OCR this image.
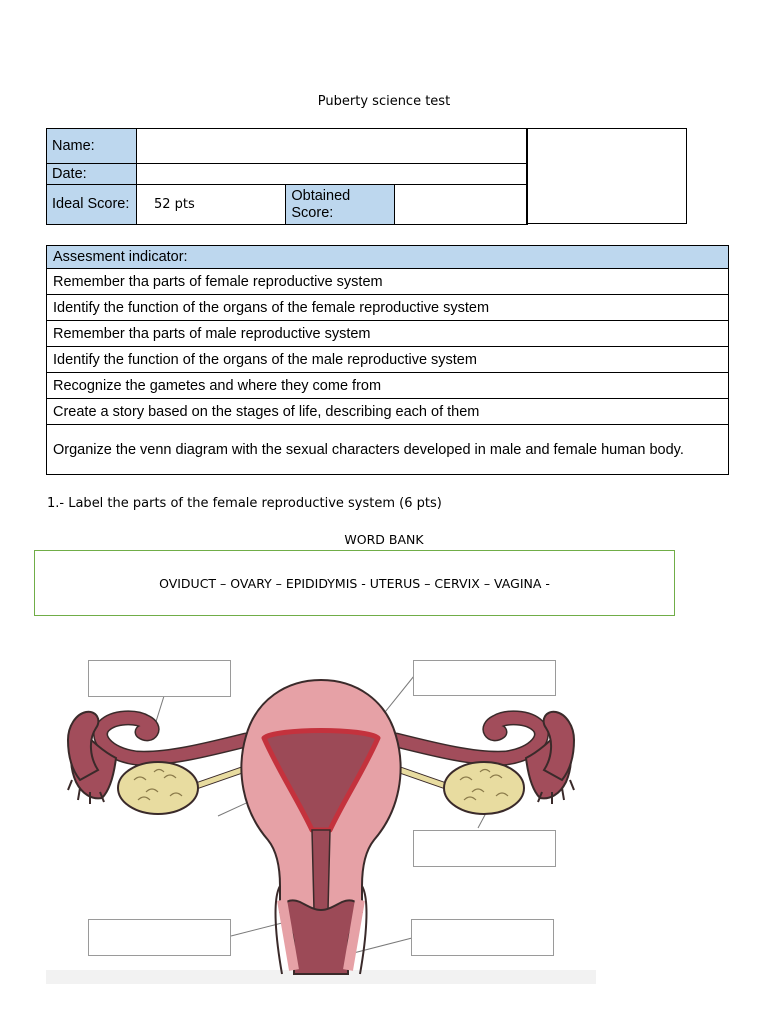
Puberty science test
Name:			
Date:			
Ideal Score:	52 pts	Obtained Score:	
Assesment indicator:
Remember tha parts of female reproductive system
Identify the function of the organs of the female reproductive system
Remember tha parts of male reproductive system
Identify the function of the organs of the male reproductive system
Recognize the gametes and where they come from
Create a story based on the stages of life, describing each of them
Organize the venn diagram with the sexual characters developed in male and female human body.
1.- Label the parts of the female reproductive system (6 pts)
WORD BANK
OVIDUCT – OVARY – EPIDIDYMIS - UTERUS – CERVIX – VAGINA -
